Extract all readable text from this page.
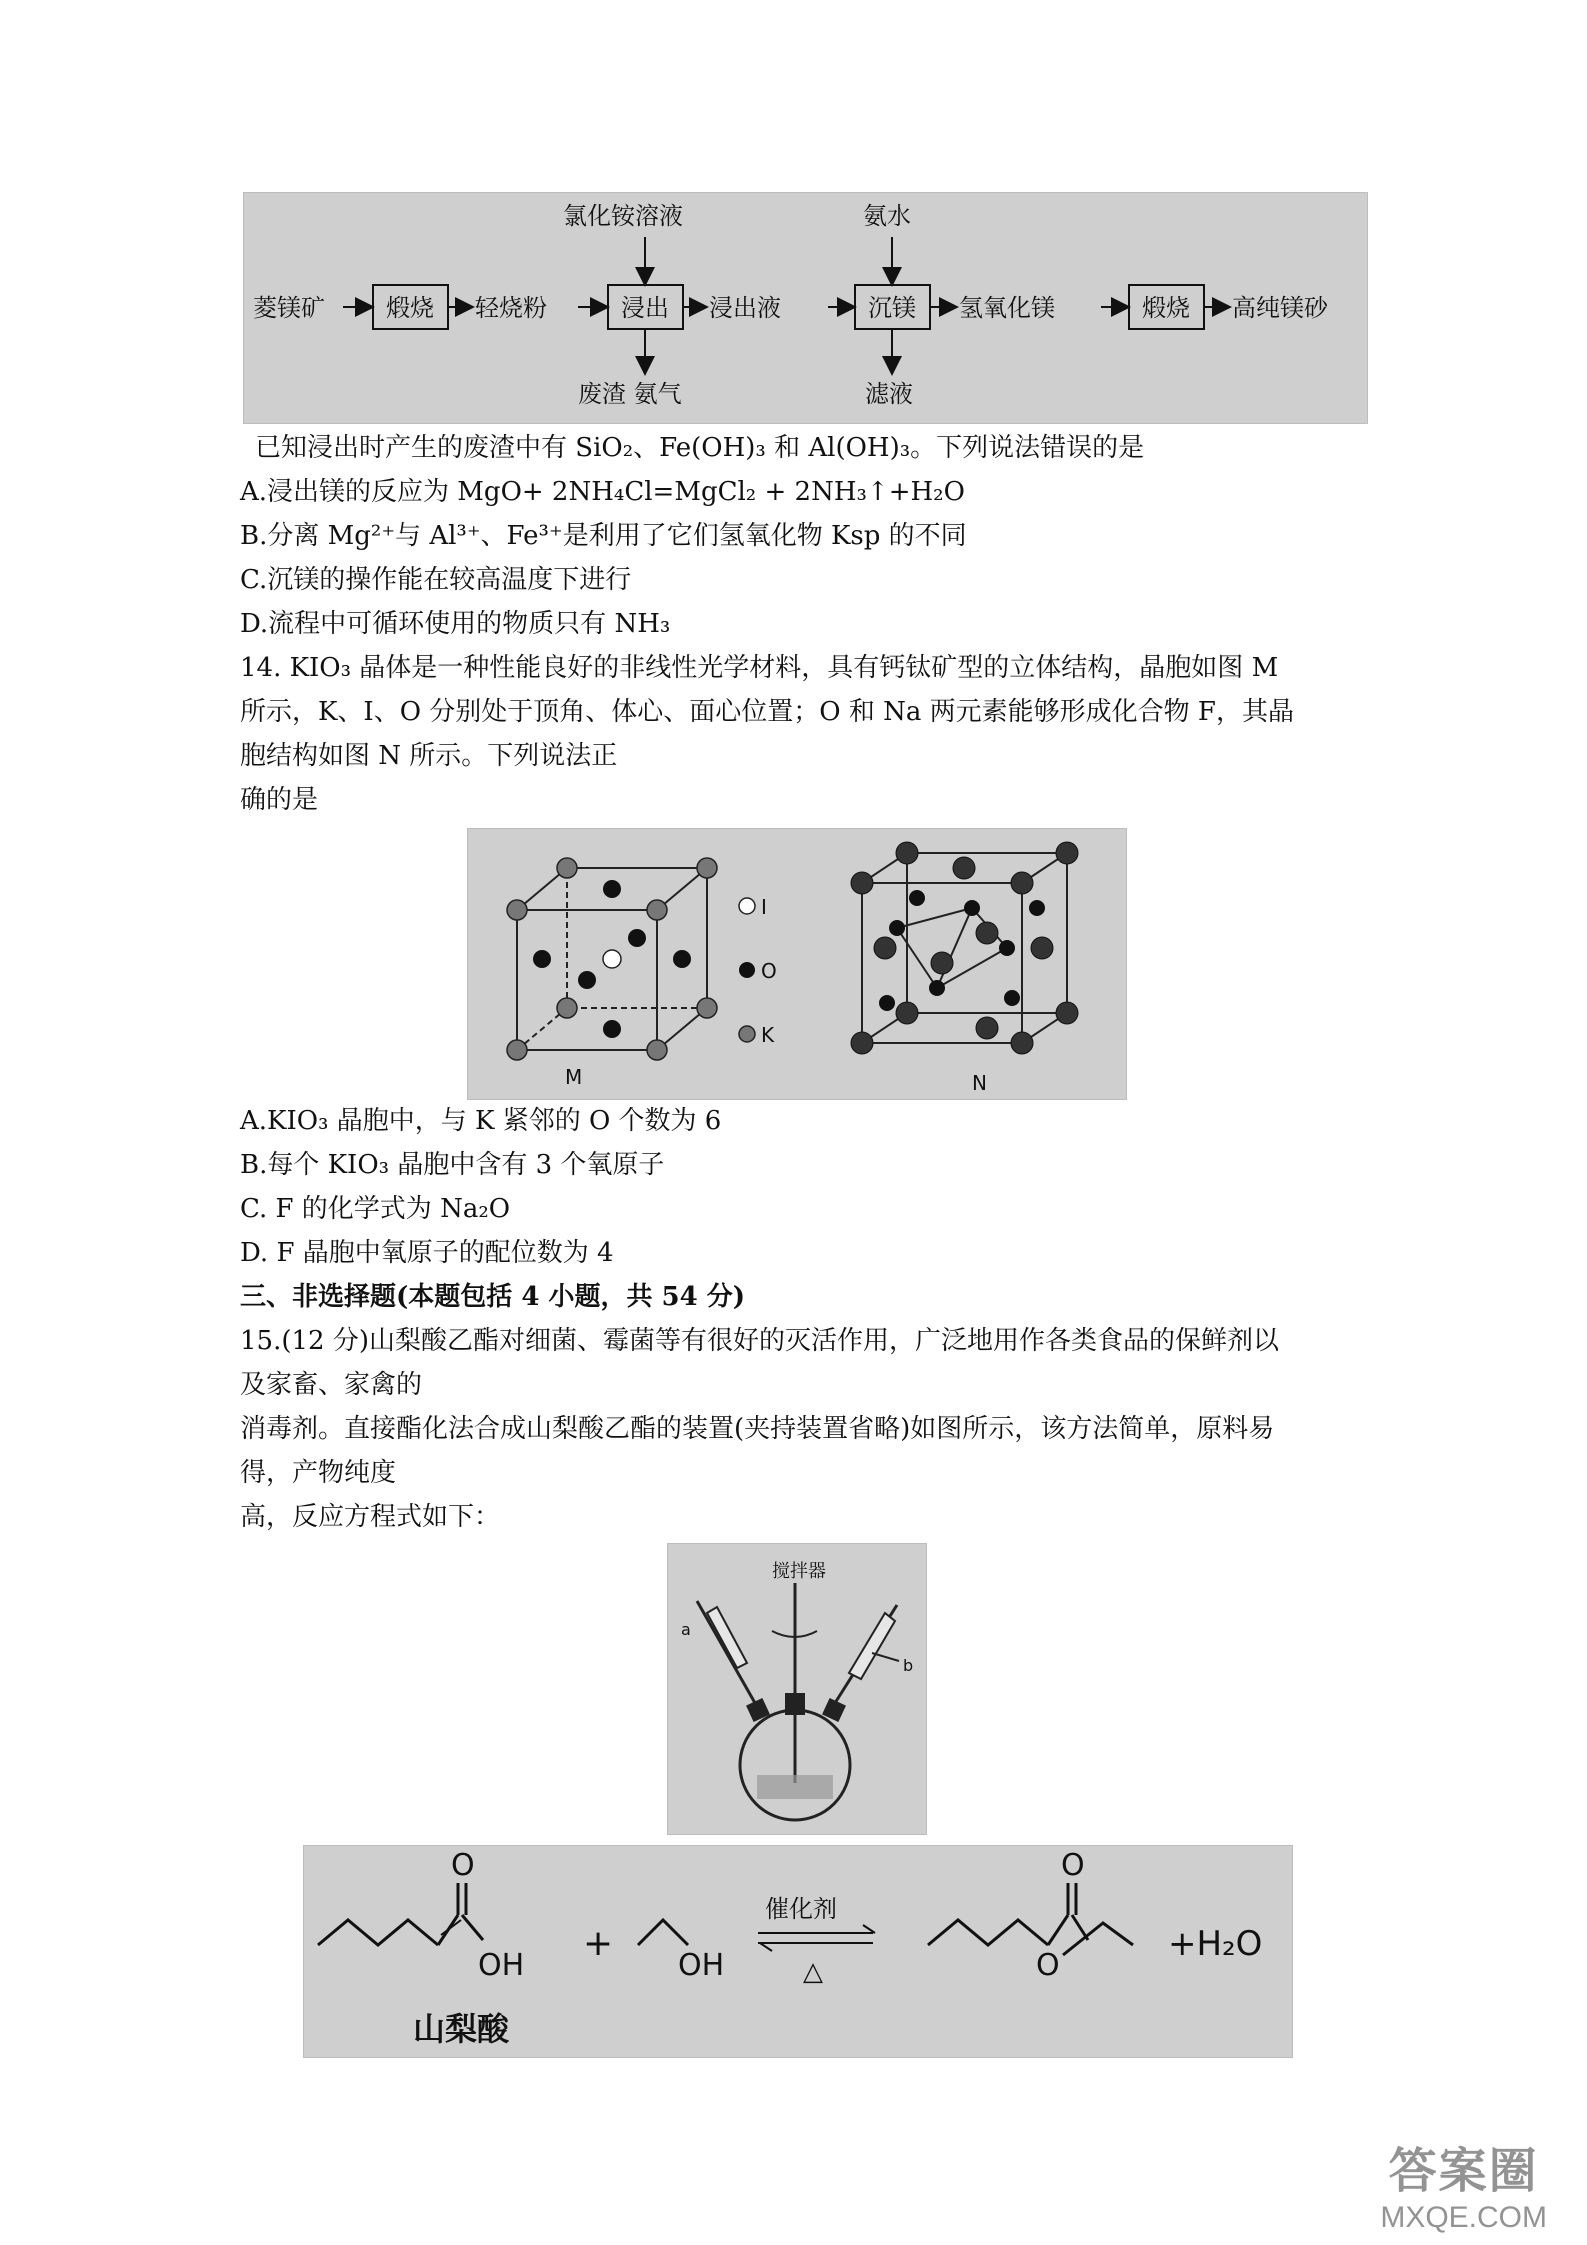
菱镁矿	煅烧 轻烧粉
氯化铵溶液
浸出
废渣 氨气
浸出液
氨水
沉镁
滤液
氢氧化镁	煅烧 高纯镁砂
已知浸出时产生的废渣中有 SiO₂、Fe(OH)₃ 和 Al(OH)₃。下列说法错误的是
A.浸出镁的反应为 MgO+ 2NH₄Cl=MgCl₂ + 2NH₃↑+H₂O
B.分离 Mg²⁺与 Al³⁺、Fe³⁺是利用了它们氢氧化物 Ksp 的不同
C.沉镁的操作能在较高温度下进行
D.流程中可循环使用的物质只有 NH₃
14. KIO₃ 晶体是一种性能良好的非线性光学材料，具有钙钛矿型的立体结构，晶胞如图 M
所示，K、I、O 分别处于顶角、体心、面心位置；O 和 Na 两元素能够形成化合物 F，其晶
胞结构如图 N 所示。下列说法正
确的是
I
O
K
M	N
A.KIO₃ 晶胞中，与 K 紧邻的 O 个数为 6
B.每个 KIO₃ 晶胞中含有 3 个氧原子
C. F 的化学式为 Na₂O
D. F 晶胞中氧原子的配位数为 4
三、非选择题(本题包括 4 小题，共 54 分)
15.(12 分)山梨酸乙酯对细菌、霉菌等有很好的灭活作用，广泛地用作各类食品的保鲜剂以
及家畜、家禽的
消毒剂。直接酯化法合成山梨酸乙酯的装置(夹持装置省略)如图所示，该方法简单，原料易
得，产物纯度
高，反应方程式如下：
搅拌器
a
b
O
OH
+
OH
催化剂
△
O
O
+H₂O
山梨酸
答案圈
MXQE.COM
